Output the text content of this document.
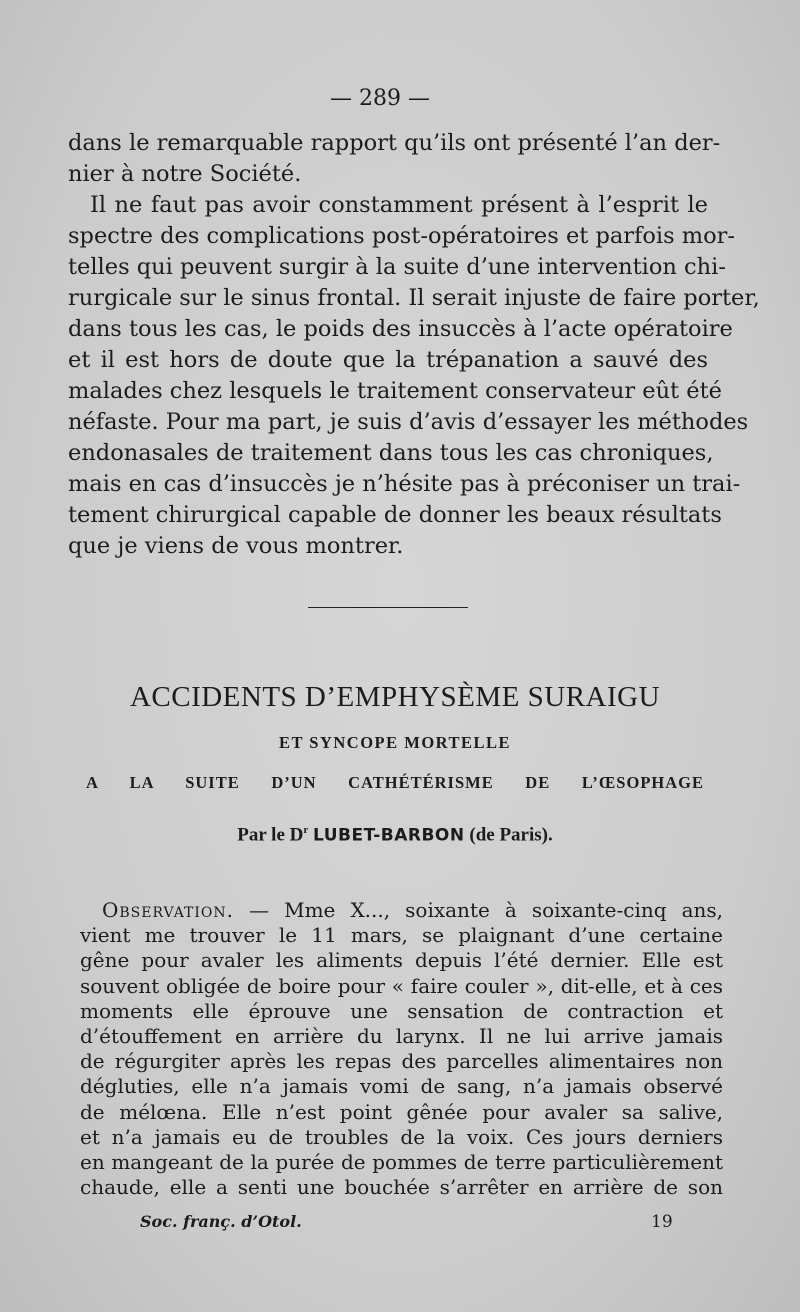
— 289 —
dans le remarquable rapport qu’ils ont présenté l’an der-
nier à notre Société.
Il ne faut pas avoir constamment présent à l’esprit le
spectre des complications post-opératoires et parfois mor-
telles qui peuvent surgir à la suite d’une intervention chi-
rurgicale sur le sinus frontal. Il serait injuste de faire porter,
dans tous les cas, le poids des insuccès à l’acte opératoire
et il est hors de doute que la trépanation a sauvé des
malades chez lesquels le traitement conservateur eût été
néfaste. Pour ma part, je suis d’avis d’essayer les méthodes
endonasales de traitement dans tous les cas chroniques,
mais en cas d’insuccès je n’hésite pas à préconiser un trai-
tement chirurgical capable de donner les beaux résultats
que je viens de vous montrer.
ACCIDENTS D’EMPHYSÈME SURAIGU
ET SYNCOPE MORTELLE
A LA SUITE D’UN CATHÉTÉRISME DE L’ŒSOPHAGE
Par le $D^r$ LUBET-BARBON (de Paris).
Observation. — Mme X..., soixante à soixante-cinq ans,
vient me trouver le 11 mars, se plaignant d’une certaine
gêne pour avaler les aliments depuis l’été dernier. Elle est
souvent obligée de boire pour « faire couler », dit-elle, et à ces
moments elle éprouve une sensation de contraction et
d’étouffement en arrière du larynx. Il ne lui arrive jamais
de régurgiter après les repas des parcelles alimentaires non
dégluties, elle n’a jamais vomi de sang, n’a jamais observé
de mélœna. Elle n’est point gênée pour avaler sa salive,
et n’a jamais eu de troubles de la voix. Ces jours derniers
en mangeant de la purée de pommes de terre particulièrement
chaude, elle a senti une bouchée s’arrêter en arrière de son
Soc. franç. d’Otol.	19
